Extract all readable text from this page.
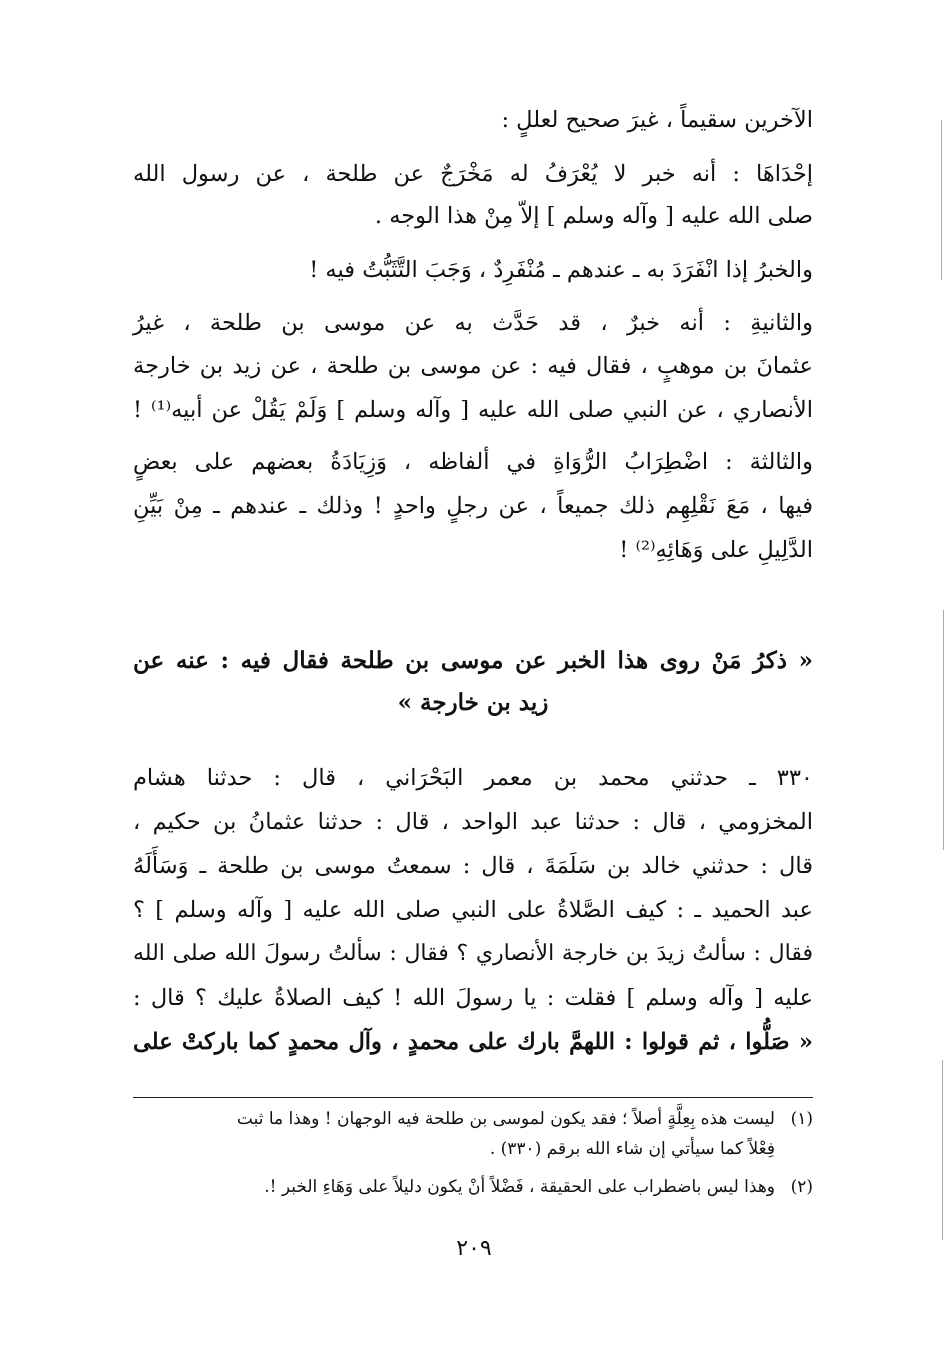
الآخرين سقيماً ، غيرَ صحيح لعللٍ :
إحْدَاهَا : أنه خبر لا يُعْرَفُ له مَخْرَجٌ عن طلحة ، عن رسول الله
صلى الله عليه [ وآله وسلم ] إلاّ مِنْ هذا الوجه .
والخبرُ إذا انْفَرَدَ به ـ عندهم ـ مُنْفَرِدٌ ، وَجَبَ التَّثَبُّتُ فيه !
والثانيةِ : أنه خبرٌ ، قد حَدَّث به عن موسى بن طلحة ، غيرُ
عثمانَ بن موهبٍ ، فقال فيه : عن موسى بن طلحة ، عن زيد بن خارجة
الأنصاري ، عن النبي صلى الله عليه [ وآله وسلم ] وَلَمْ يَقُلْ عن أبيه⁽¹⁾ !
والثالثة : اضْطِرَابُ الرُّوَاةِ في ألفاظه ، وَزِيَادَةُ بعضهم على بعضٍ
فيها ، مَعَ نَقْلِهِم ذلك جميعاً ، عن رجلٍ واحدٍ ! وذلك ـ عندهم ـ مِنْ بَيِّنِ
الدَّلِيلِ على وَهَائِهِ⁽²⁾ !
« ذكرُ مَنْ روى هذا الخبر عن موسى بن طلحة فقال فيه : عنه عن
زيد بن خارجة »
٣٣٠ ـ حدثني محمد بن معمر البَحْرَاني ، قال : حدثنا هشام
المخزومي ، قال : حدثنا عبد الواحد ، قال : حدثنا عثمانُ بن حكيم ،
قال : حدثني خالد بن سَلَمَةَ ، قال : سمعتُ موسى بن طلحة ـ وَسَأَلَهُ
عبد الحميد ـ : كيف الصَّلاةُ على النبي صلى الله عليه [ وآله وسلم ] ؟
فقال : سألتُ زيدَ بن خارجة الأنصاري ؟ فقال : سألتُ رسولَ الله صلى الله
عليه [ وآله وسلم ] فقلت : يا رسولَ الله ! كيف الصلاةُ عليك ؟ قال :
« صَلُّوا ، ثم قولوا : اللهمَّ بارك على محمدٍ ، وآل محمدٍ كما باركتْ على
(١)ليست هذه بِعِلَّةٍ أصلاً ؛ فقد يكون لموسى بن طلحة فيه الوجهان ! وهذا ما ثبت
فِعْلاً كما سيأتي إن شاء الله برقم (٣٣٠) .
(٢)وهذا ليس باضطراب على الحقيقة ، فَضْلاً أنْ يكون دليلاً على وَهَاءِ الخبر !.
٢٠٩
